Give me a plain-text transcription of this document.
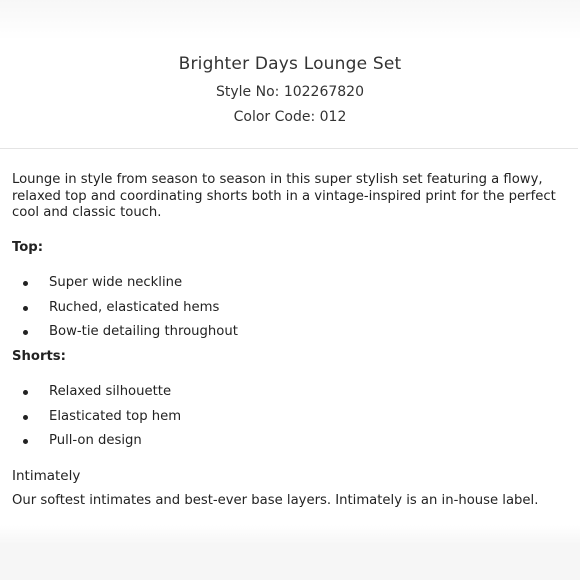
Brighter Days Lounge Set
Style No: 102267820
Color Code: 012

Lounge in style from season to season in this super stylish set featuring a flowy, relaxed top and coordinating shorts both in a vintage-inspired print for the perfect cool and classic touch.

Top:
Super wide neckline
Ruched, elasticated hems
Bow-tie detailing throughout
Shorts:
Relaxed silhouette
Elasticated top hem
Pull-on design
Intimately
Our softest intimates and best-ever base layers. Intimately is an in-house label.
